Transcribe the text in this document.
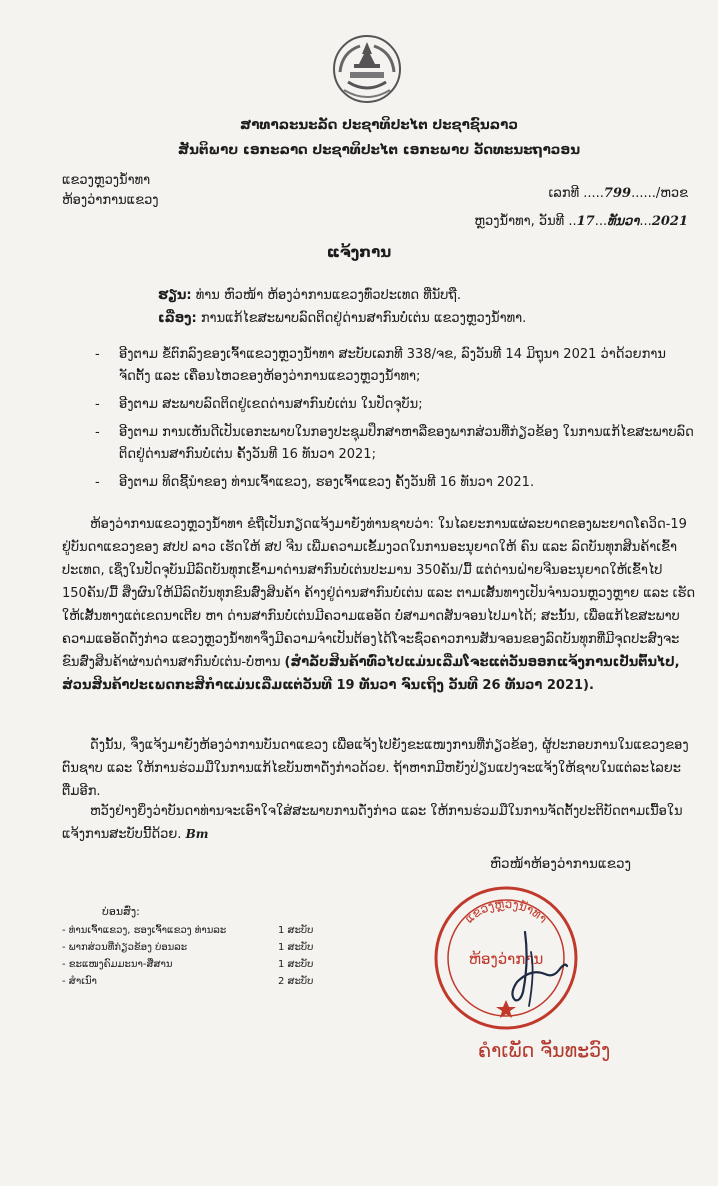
ສາທາລະນະລັດ ປະຊາທິປະໄຕ ປະຊາຊົນລາວ
ສັນຕິພາບ ເອກະລາດ ປະຊາທິປະໄຕ ເອກະພາບ ວັດທະນະຖາວອນ
ແຂວງຫຼວງນໍ້າທາ
ຫ້ອງວ່າການແຂວງ	ເລກທີ .....799....../ຫວຂ
ຫຼວງນໍ້າທາ, ວັນທີ ..17...ທັນວາ...2021
ແຈ້ງການ
ຮຽນ: ທ່ານ ຫົວໜ້າ ຫ້ອງວ່າການແຂວງທົ່ວປະເທດ ທີ່ນັບຖື.
ເລື່ອງ: ການແກ້ໄຂສະພາບລົດຕິດຢູ່ດ່ານສາກົນບໍ່ເຕ່ນ ແຂວງຫຼວງນໍ້າທາ.
- ອີງຕາມ ຂໍ້ຕົກລົງຂອງເຈົ້າແຂວງຫຼວງນໍ້າທາ ສະບັບເລກທີ 338/ຈຂ, ລົງວັນທີ 14 ມິຖຸນາ 2021 ວ່າດ້ວຍການຈັດຕັ້ງ ແລະ ເຄື່ອນໄຫວຂອງຫ້ອງວ່າການແຂວງຫຼວງນໍ້າທາ;
- ອີງຕາມ ສະພາບລົດຕິດຢູ່ເຂດດ່ານສາກົນບໍ່ເຕ່ນ ໃນປັດຈຸບັນ;
- ອີງຕາມ ການເຫັນດີເປັນເອກະພາບໃນກອງປະຊຸມປຶກສາຫາລືຂອງພາກສ່ວນທີ່ກ່ຽວຂ້ອງ ໃນການແກ້ໄຂສະພາບລົດຕິດຢູ່ດ່ານສາກົນບໍ່ເຕ່ນ ຄັ້ງວັນທີ 16 ທັນວາ 2021;
- ອີງຕາມ ທິດຊີ້ນຳຂອງ ທ່ານເຈົ້າແຂວງ, ຮອງເຈົ້າແຂວງ ຄັ້ງວັນທີ 16 ທັນວາ 2021.

ຫ້ອງວ່າການແຂວງຫຼວງນໍ້າທາ ຂໍຖືເປັນກຽດແຈ້ງມາຍັງທ່ານຊາບວ່າ: ໃນໄລຍະການແຜ່ລະບາດຂອງພະຍາດໂຄວິດ-19 ຢູ່ບັນດາແຂວງຂອງ ສປປ ລາວ ເຮັດໃຫ້ ສປ ຈີນ ເພີ່ມຄວາມເຂັ້ມງວດໃນການອະນຸຍາດໃຫ້ ຄົນ ແລະ ລົດບັນທຸກສິນຄ້າເຂົ້າປະເທດ, ເຊິ່ງໃນປັດຈຸບັນມີລົດບັນທຸກເຂົ້າມາດ່ານສາກົນບໍ່ເຕ່ນປະມານ 350ຄັນ/ມື້ ແຕ່ດ່ານຝ່າຍຈີນອະນຸຍາດໃຫ້ເຂົ້າໄປ 150ຄັນ/ມື້ ສິ່ງຜົນໃຫ້ມີລົດບັນທຸກຂົນສົ່ງສິນຄ້າ ຄ້າງຢູ່ດ່ານສາກົນບໍ່ເຕ່ນ ແລະ ຕາມເສັ້ນທາງເປັນຈຳນວນຫຼວງຫຼາຍ ແລະ ເຮັດໃຫ້ເສັ້ນທາງແຕ່ເຂດນາເຕີຍ ຫາ ດ່ານສາກົນບໍ່ເຕ່ນມີຄວາມແອອັດ ບໍ່ສາມາດສັນຈອນໄປມາໄດ້; ສະນັ້ນ, ເພື່ອແກ້ໄຂສະພາບຄວາມແອອັດດັ່ງກ່າວ ແຂວງຫຼວງນໍ້າທາຈຶ່ງມີຄວາມຈຳເປັນຕ້ອງໄດ້ໂຈະຊົ່ວຄາວການສັນຈອນຂອງລົດບັນທຸກທີ່ມີຈຸດປະສົງຈະຂົນສົ່ງສິນຄ້າຜ່ານດ່ານສາກົນບໍ່ເຕ່ນ-ບໍ່ຫານ (ສຳລັບສິນຄ້າທົ່ວໄປແມ່ນເລີ່ມໂຈະແຕ່ວັນອອກແຈ້ງການເປັນຕົ້ນໄປ, ສ່ວນສິນຄ້າປະເພດກະສິກຳແມ່ນເລີ່ມແຕ່ວັນທີ 19 ທັນວາ ຈົນເຖິງ ວັນທີ 26 ທັນວາ 2021).

ດັ່ງນັ້ນ, ຈຶ່ງແຈ້ງມາຍັງຫ້ອງວ່າການບັນດາແຂວງ ເພື່ອແຈ້ງໄປຍັງຂະແໜງການທີ່ກ່ຽວຂ້ອງ, ຜູ້ປະກອບການໃນແຂວງຂອງຕົນຊາບ ແລະ ໃຫ້ການຮ່ວມມືໃນການແກ້ໄຂບັນຫາດັ່ງກ່າວດ້ວຍ. ຖ້າຫາກມີຫຍັງປ່ຽນແປງຈະແຈ້ງໃຫ້ຊາບໃນແຕ່ລະໄລຍະຕື່ມອີກ.

ຫວັງຢ່າງຍິ່ງວ່າບັນດາທ່ານຈະເອົາໃຈໃສ່ສະພາບການດັ່ງກ່າວ ແລະ ໃຫ້ການຮ່ວມມືໃນການຈັດຕັ້ງປະຕິບັດຕາມເນື້ອໃນແຈ້ງການສະບັບນີ້ດ້ວຍ. Bm

ຫົວໜ້າຫ້ອງວ່າການແຂວງ
ບ່ອນສົ່ງ:
- ທ່ານເຈົ້າແຂວງ, ຮອງເຈົ້າແຂວງ ທ່ານລະ	1 ສະບັບ
- ພາກສ່ວນທີ່ກ່ຽວຂ້ອງ ບ່ອນລະ	1 ສະບັບ
- ຂະແໜງຄົມມະນາ-ສື່ສານ	1 ສະບັບ
- ສຳເນົາ	2 ສະບັບ
ແຂວງຫຼວງນໍ້າທາ
ຫ້ອງວ່າການ
ຄຳເພັດ ຈັນທະວົງ
